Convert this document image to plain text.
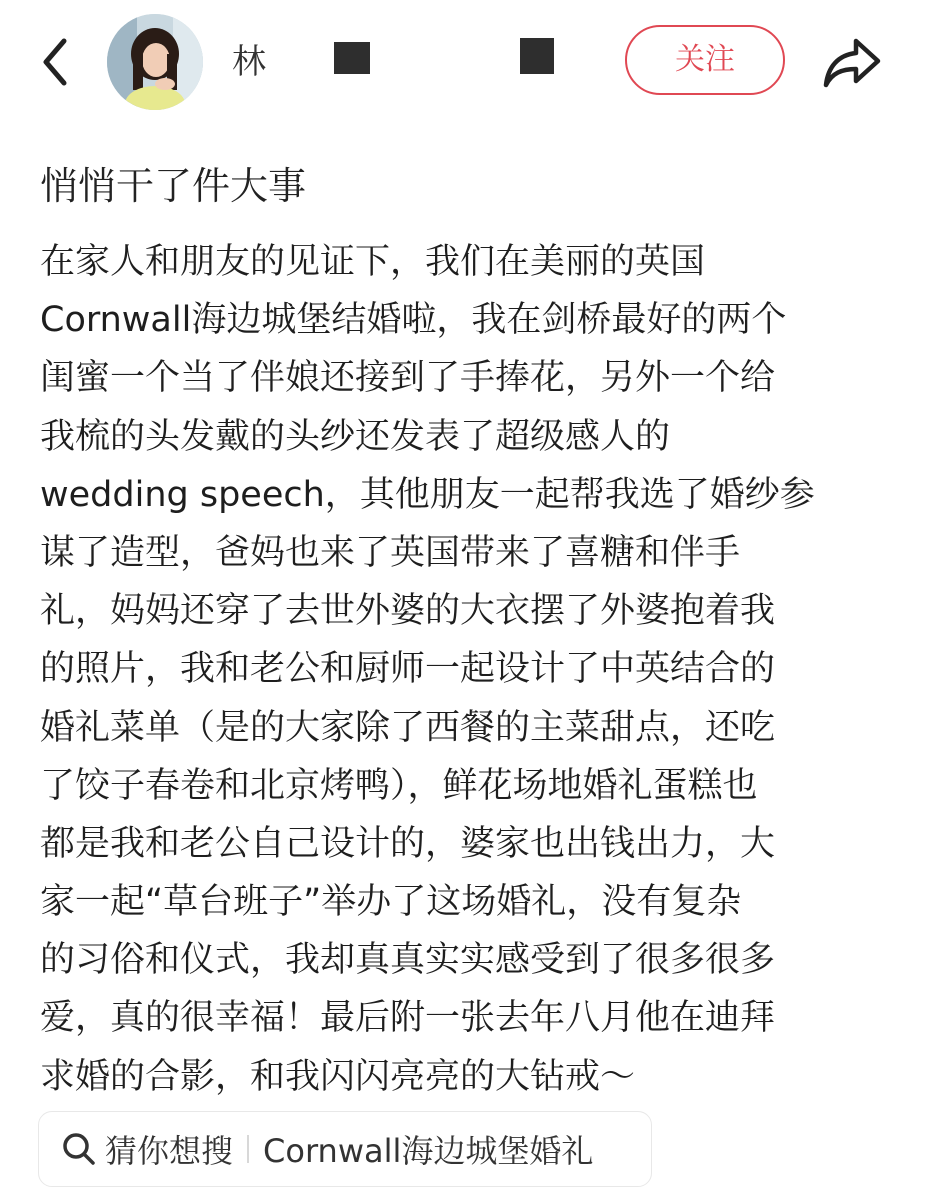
林	关注
悄悄干了件大事
在家人和朋友的见证下，我们在美丽的英国
Cornwall海边城堡结婚啦，我在剑桥最好的两个
闺蜜一个当了伴娘还接到了手捧花，另外一个给
我梳的头发戴的头纱还发表了超级感人的
wedding speech，其他朋友一起帮我选了婚纱参
谋了造型，爸妈也来了英国带来了喜糖和伴手
礼，妈妈还穿了去世外婆的大衣摆了外婆抱着我
的照片，我和老公和厨师一起设计了中英结合的
婚礼菜单（是的大家除了西餐的主菜甜点，还吃
了饺子春卷和北京烤鸭），鲜花场地婚礼蛋糕也
都是我和老公自己设计的，婆家也出钱出力，大
家一起“草台班子”举办了这场婚礼，没有复杂
的习俗和仪式，我却真真实实感受到了很多很多
爱，真的很幸福！最后附一张去年八月他在迪拜
求婚的合影，和我闪闪亮亮的大钻戒～
猜你想搜 Cornwall海边城堡婚礼
